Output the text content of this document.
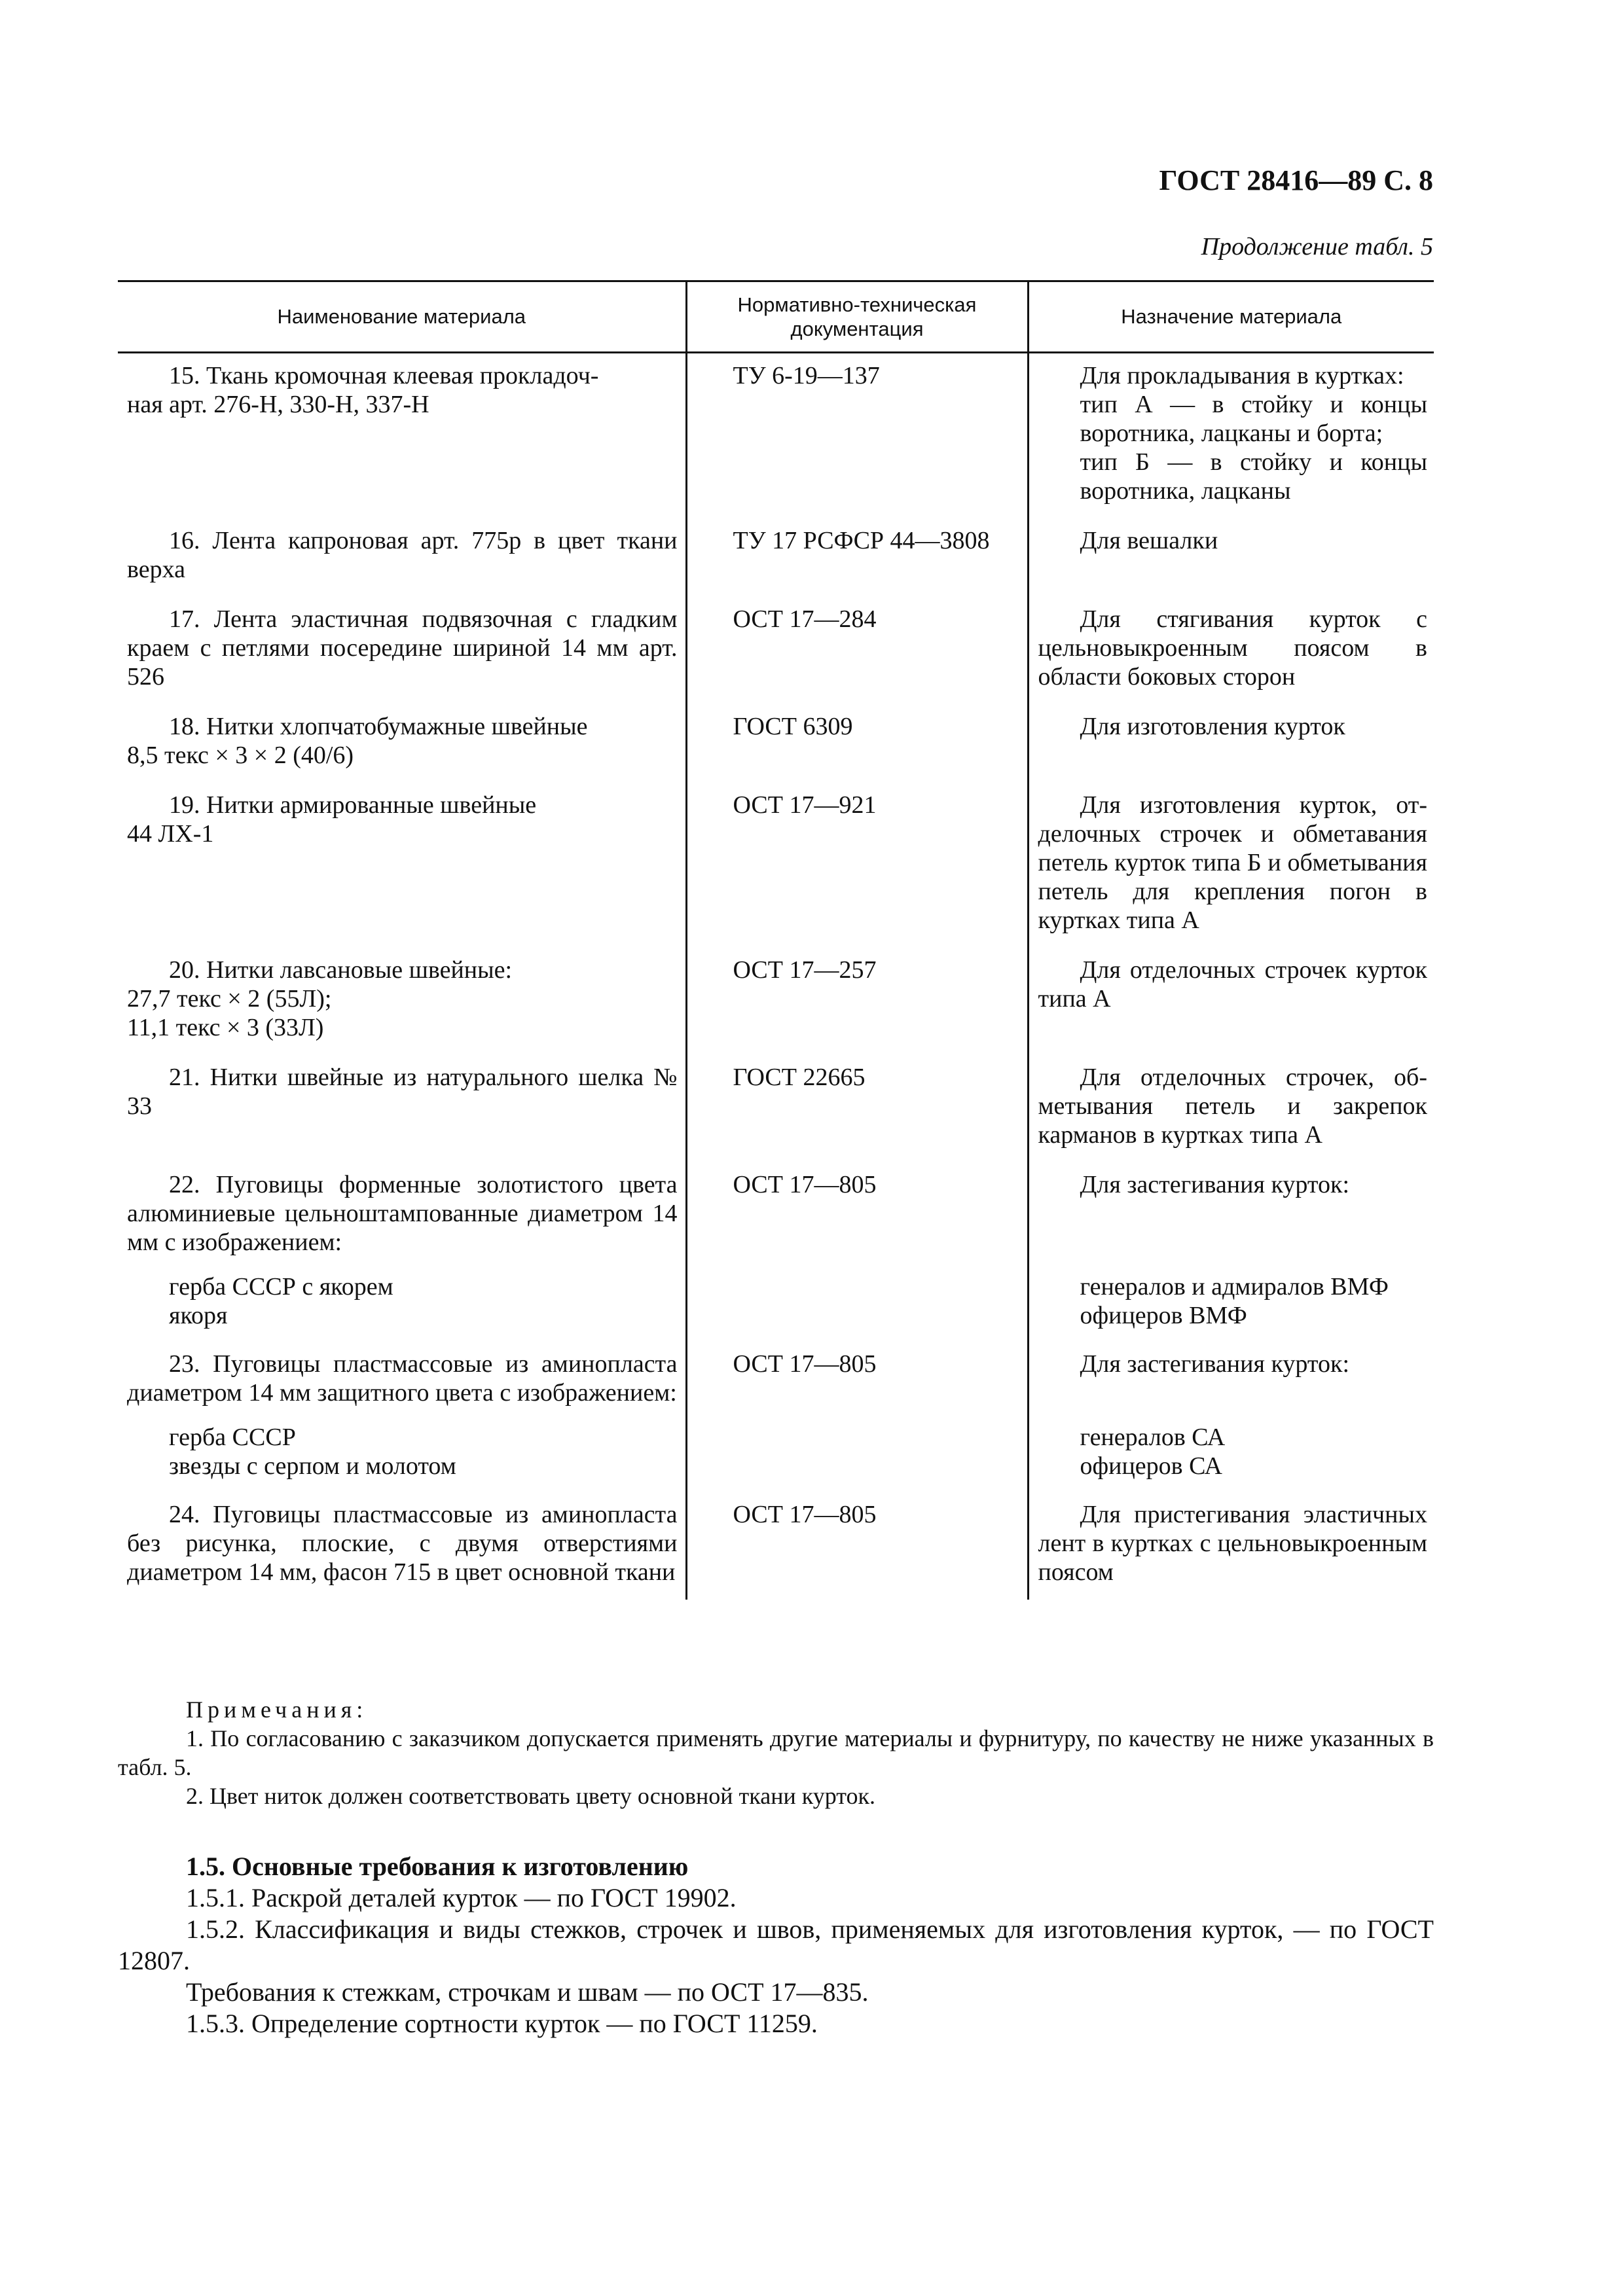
ГОСТ 28416—89 С. 8
Продолжение табл. 5
Наименование материала	Нормативно-техническая документация	Назначение материала

15. Ткань кромочная клеевая прокладоч-
ная арт. 276-Н, 330-Н, 337-Н	ТУ 6-19—137	Для прокладывания в куртках:
тип А — в стойку и концы воротника, лацканы и борта;
тип Б — в стойку и концы воротника, лацканы

16. Лента капроновая арт. 775р в цвет ткани верха	ТУ 17 РСФСР 44—3808	Для вешалки

17. Лента эластичная подвязочная с гладким краем с петлями посередине шириной 14 мм арт. 526	ОСТ 17—284	Для стягивания курток с цельновыкроенным поясом в области боковых сторон

18. Нитки хлопчатобумажные швейные
8,5 текс × 3 × 2 (40/6)	ГОСТ 6309	Для изготовления курток

19. Нитки армированные швейные
44 ЛХ-1	ОСТ 17—921	Для изготовления курток, отделочных строчек и обметавания петель курток типа Б и обметывания петель для крепления погон в куртках типа А

20. Нитки лавсановые швейные:
27,7 текс × 2 (55Л);
11,1 текс × 3 (33Л)	ОСТ 17—257	Для отделочных строчек курток типа А

21. Нитки швейные из натурального шелка № 33	ГОСТ 22665	Для отделочных строчек, обметывания петель и закрепок карманов в куртках типа А

22. Пуговицы форменные золотистого цвета алюминиевые цельноштампованные диаметром 14 мм с изображением:	ОСТ 17—805	Для застегивания курток:

герба СССР с якорем
якоря		генералов и адмиралов ВМФ
офицеров ВМФ

23. Пуговицы пластмассовые из аминопласта диаметром 14 мм защитного цвета с изображением:	ОСТ 17—805	Для застегивания курток:

герба СССР
звезды с серпом и молотом		генералов СА
офицеров СА

24. Пуговицы пластмассовые из аминопласта без рисунка, плоские, с двумя отверстиями диаметром 14 мм, фасон 715 в цвет основной ткани	ОСТ 17—805	Для пристегивания эластичных лент в куртках с цельновыкроенным поясом
Примечания:
1. По согласованию с заказчиком допускается применять другие материалы и фурнитуру, по качеству не ниже указанных в табл. 5.
2. Цвет ниток должен соответствовать цвету основной ткани курток.
1.5. Основные требования к изготовлению
1.5.1. Раскрой деталей курток — по ГОСТ 19902.
1.5.2. Классификация и виды стежков, строчек и швов, применяемых для изготовления курток, — по ГОСТ 12807.
Требования к стежкам, строчкам и швам — по ОСТ 17—835.
1.5.3. Определение сортности курток — по ГОСТ 11259.
